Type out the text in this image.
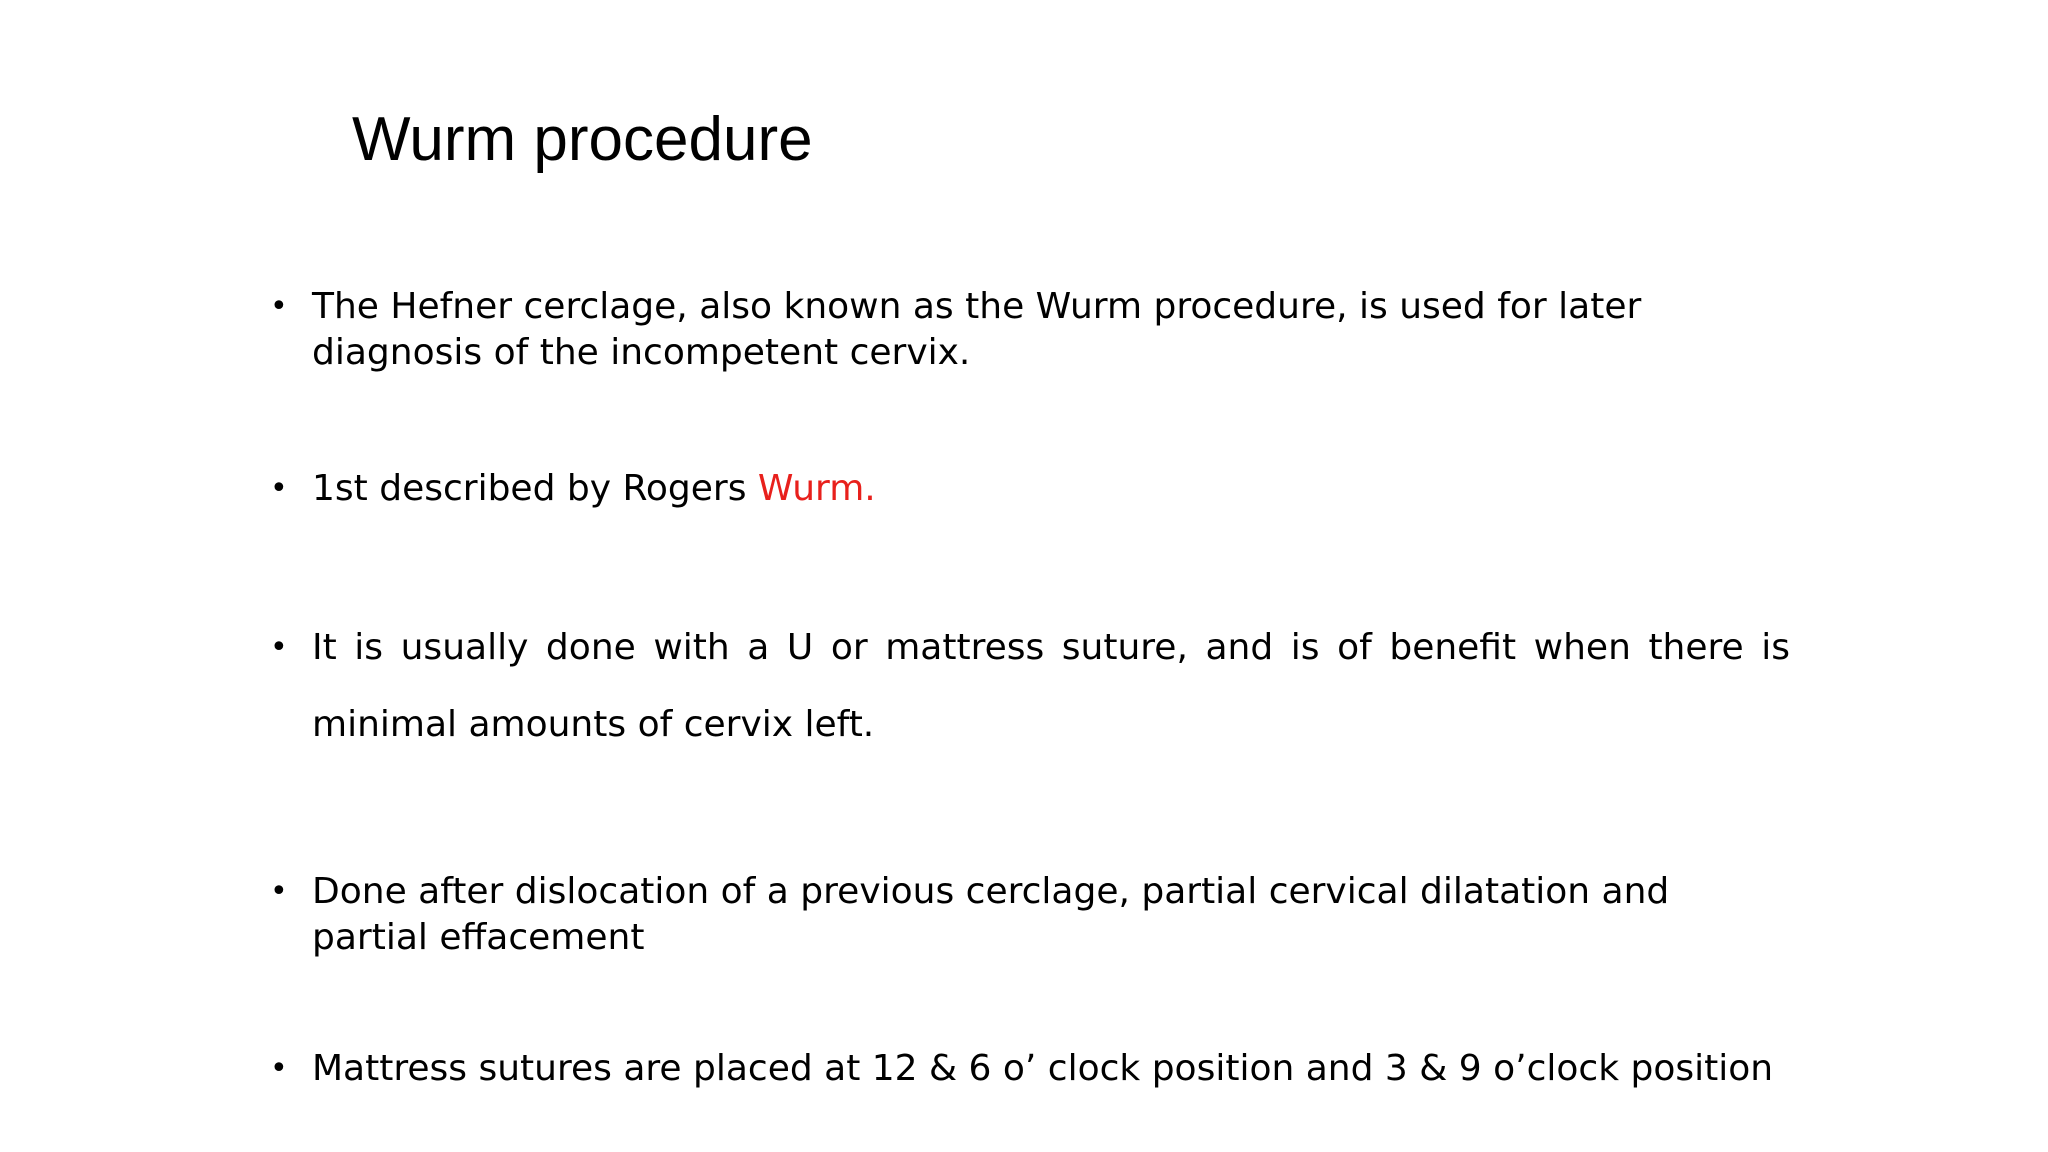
Wurm procedure
• The Hefner cerclage, also known as the Wurm procedure, is used for later diagnosis of the incompetent cervix.
• 1st described by Rogers Wurm.
• It is usually done with a U or mattress suture, and is of benefit when there is minimal amounts of cervix left.
• Done after dislocation of a previous cerclage, partial cervical dilatation and partial effacement
• Mattress sutures are placed at 12 & 6 o’ clock position and 3 & 9 o’clock position
